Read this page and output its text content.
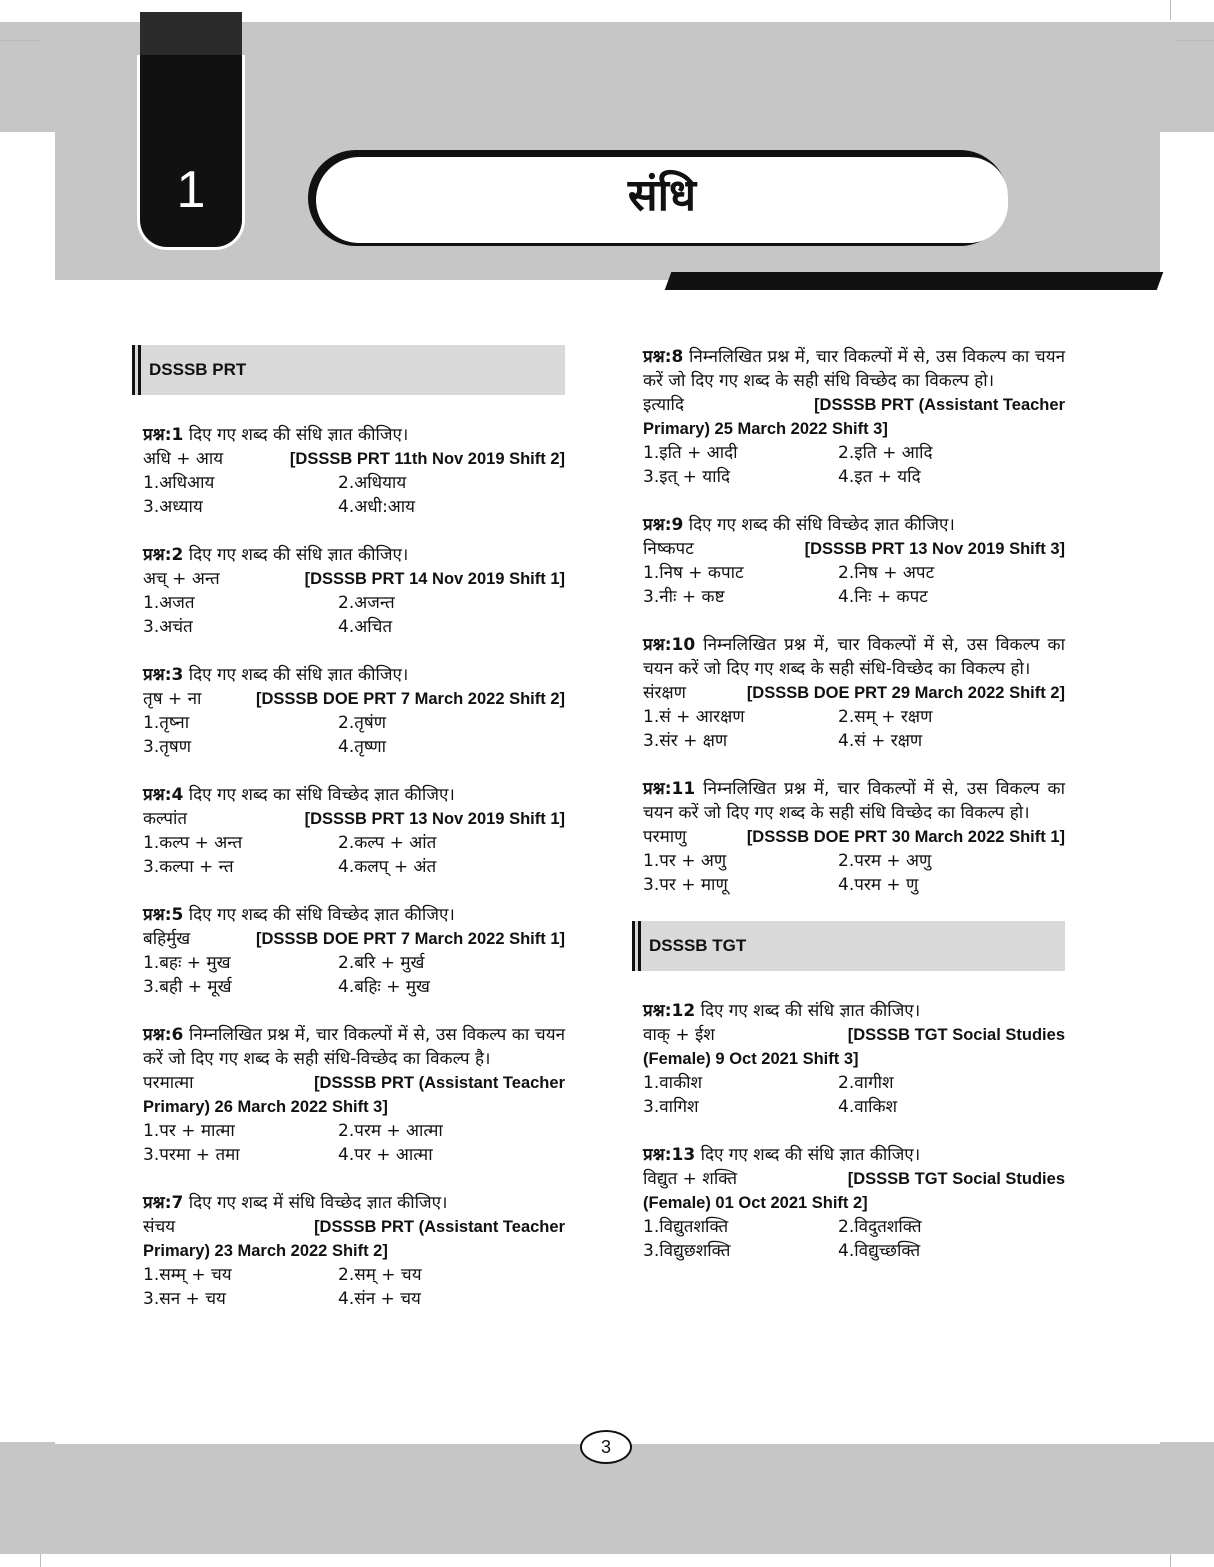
1	संधि
3
DSSSB PRT
प्रश्न:1 दिए गए शब्द की संधि ज्ञात कीजिए।
अधि + आय	[DSSSB PRT 11th Nov 2019 Shift 2]
1.अधिआय	2.अधियाय
3.अध्याय	4.अधी:आय
प्रश्न:2 दिए गए शब्द की संधि ज्ञात कीजिए।
अच् + अन्त	[DSSSB PRT 14 Nov 2019 Shift 1]
1.अजत	2.अजन्त
3.अचंत	4.अचित
प्रश्न:3 दिए गए शब्द की संधि ज्ञात कीजिए।
तृष + ना	[DSSSB DOE PRT 7 March 2022 Shift 2]
1.तृष्ना	2.तृषंण
3.तृषण	4.तृष्णा
प्रश्न:4 दिए गए शब्द का संधि विच्छेद ज्ञात कीजिए।
कल्पांत	[DSSSB PRT 13 Nov 2019 Shift 1]
1.कल्प + अन्त	2.कल्प + आंत
3.कल्पा + न्त	4.कलप् + अंत
प्रश्न:5 दिए गए शब्द की संधि विच्छेद ज्ञात कीजिए।
बहिर्मुख	[DSSSB DOE PRT 7 March 2022 Shift 1]
1.बहः + मुख	2.बरि + मुर्ख
3.बही + मूर्ख	4.बहिः + मुख
प्रश्न:6 निम्नलिखित प्रश्न में, चार विकल्पों में से, उस विकल्प का चयन करें जो दिए गए शब्द के सही संधि-विच्छेद का विकल्प है।
परमात्मा	[DSSSB PRT (Assistant Teacher
Primary) 26 March 2022 Shift 3]
1.पर + मात्मा	2.परम + आत्मा
3.परमा + तमा	4.पर + आत्मा
प्रश्न:7 दिए गए शब्द में संधि विच्छेद ज्ञात कीजिए।
संचय	[DSSSB PRT (Assistant Teacher
Primary) 23 March 2022 Shift 2]
1.सम्म् + चय	2.सम् + चय
3.सन + चय	4.संन + चय
प्रश्न:8 निम्नलिखित प्रश्न में, चार विकल्पों में से, उस विकल्प का चयन करें जो दिए गए शब्द के सही संधि विच्छेद का विकल्प हो।
इत्यादि	[DSSSB PRT (Assistant Teacher
Primary) 25 March 2022 Shift 3]
1.इति + आदी	2.इति + आदि
3.इत् + यादि	4.इत + यदि
प्रश्न:9 दिए गए शब्द की संधि विच्छेद ज्ञात कीजिए।
निष्कपट	[DSSSB PRT 13 Nov 2019 Shift 3]
1.निष + कपाट	2.निष + अपट
3.नीः + कष्ट	4.निः + कपट
प्रश्न:10 निम्नलिखित प्रश्न में, चार विकल्पों में से, उस विकल्प का चयन करें जो दिए गए शब्द के सही संधि-विच्छेद का विकल्प हो।
संरक्षण	[DSSSB DOE PRT 29 March 2022 Shift 2]
1.सं + आरक्षण	2.सम् + रक्षण
3.संर + क्षण	4.सं + रक्षण
प्रश्न:11 निम्नलिखित प्रश्न में, चार विकल्पों में से, उस विकल्प का चयन करें जो दिए गए शब्द के सही संधि विच्छेद का विकल्प हो।
परमाणु	[DSSSB DOE PRT 30 March 2022 Shift 1]
1.पर + अणु	2.परम + अणु
3.पर + माणू	4.परम + णु
DSSSB TGT
प्रश्न:12 दिए गए शब्द की संधि ज्ञात कीजिए।
वाक् + ईश	[DSSSB TGT Social Studies
(Female) 9 Oct 2021 Shift 3]
1.वाकीश	2.वागीश
3.वागिश	4.वाकिश
प्रश्न:13 दिए गए शब्द की संधि ज्ञात कीजिए।
विद्युत + शक्ति	[DSSSB TGT Social Studies
(Female) 01 Oct 2021 Shift 2]
1.विद्युतशक्ति	2.विदुतशक्ति
3.विद्युछशक्ति	4.विद्युच्छक्ति
